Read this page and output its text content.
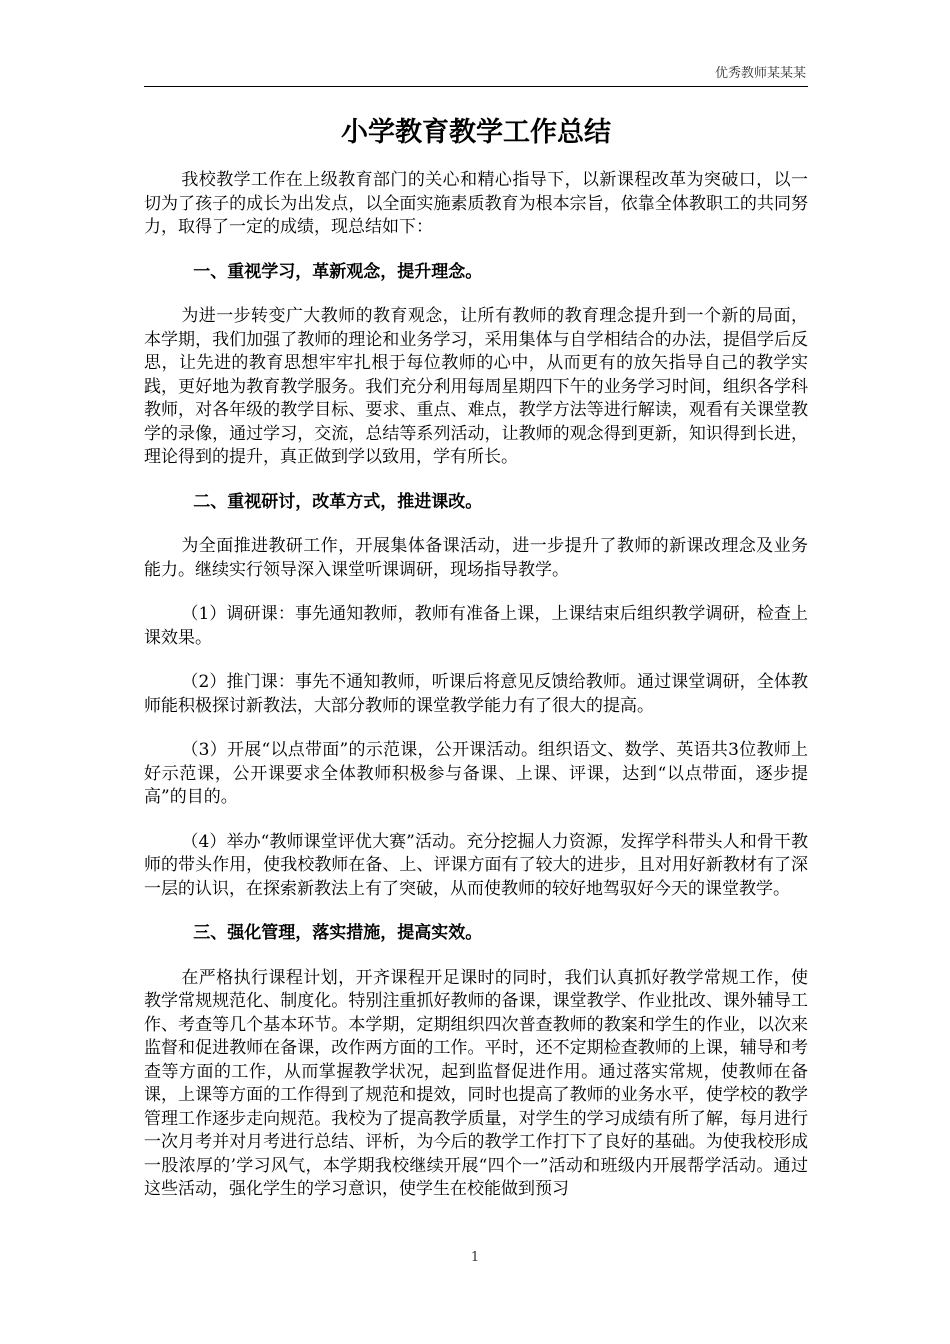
优秀教师某某某
小学教育教学工作总结

我校教学工作在上级教育部门的关心和精心指导下，以新课程改革为突破口，以一切为了孩子的成长为出发点，以全面实施素质教育为根本宗旨，依靠全体教职工的共同努力，取得了一定的成绩，现总结如下：

一、重视学习，革新观念，提升理念。

为进一步转变广大教师的教育观念，让所有教师的教育理念提升到一个新的局面，本学期，我们加强了教师的理论和业务学习，采用集体与自学相结合的办法，提倡学后反思，让先进的教育思想牢牢扎根于每位教师的心中，从而更有的放矢指导自己的教学实践，更好地为教育教学服务。我们充分利用每周星期四下午的业务学习时间，组织各学科教师，对各年级的教学目标、要求、重点、难点，教学方法等进行解读，观看有关课堂教学的录像，通过学习，交流，总结等系列活动，让教师的观念得到更新，知识得到长进，理论得到的提升，真正做到学以致用，学有所长。

二、重视研讨，改革方式，推进课改。

为全面推进教研工作，开展集体备课活动，进一步提升了教师的新课改理念及业务能力。继续实行领导深入课堂听课调研，现场指导教学。

（1）调研课：事先通知教师，教师有准备上课，上课结束后组织教学调研，检查上课效果。

（2）推门课：事先不通知教师，听课后将意见反馈给教师。通过课堂调研，全体教师能积极探讨新教法，大部分教师的课堂教学能力有了很大的提高。

（3）开展“以点带面”的示范课，公开课活动。组织语文、数学、英语共3位教师上好示范课，公开课要求全体教师积极参与备课、上课、评课，达到“以点带面，逐步提高”的目的。

（4）举办“教师课堂评优大赛”活动。充分挖掘人力资源，发挥学科带头人和骨干教师的带头作用，使我校教师在备、上、评课方面有了较大的进步，且对用好新教材有了深一层的认识，在探索新教法上有了突破，从而使教师的较好地驾驭好今天的课堂教学。

三、强化管理，落实措施，提高实效。

在严格执行课程计划，开齐课程开足课时的同时，我们认真抓好教学常规工作，使教学常规规范化、制度化。特别注重抓好教师的备课，课堂教学、作业批改、课外辅导工作、考查等几个基本环节。本学期，定期组织四次普查教师的教案和学生的作业，以次来监督和促进教师在备课，改作两方面的工作。平时，还不定期检查教师的上课，辅导和考查等方面的工作，从而掌握教学状况，起到监督促进作用。通过落实常规，使教师在备课，上课等方面的工作得到了规范和提效，同时也提高了教师的业务水平，使学校的教学管理工作逐步走向规范。我校为了提高教学质量，对学生的学习成绩有所了解，每月进行一次月考并对月考进行总结、评析，为今后的教学工作打下了良好的基础。为使我校形成一股浓厚的’学习风气，本学期我校继续开展“四个一”活动和班级内开展帮学活动。通过这些活动，强化学生的学习意识，使学生在校能做到预习

1
